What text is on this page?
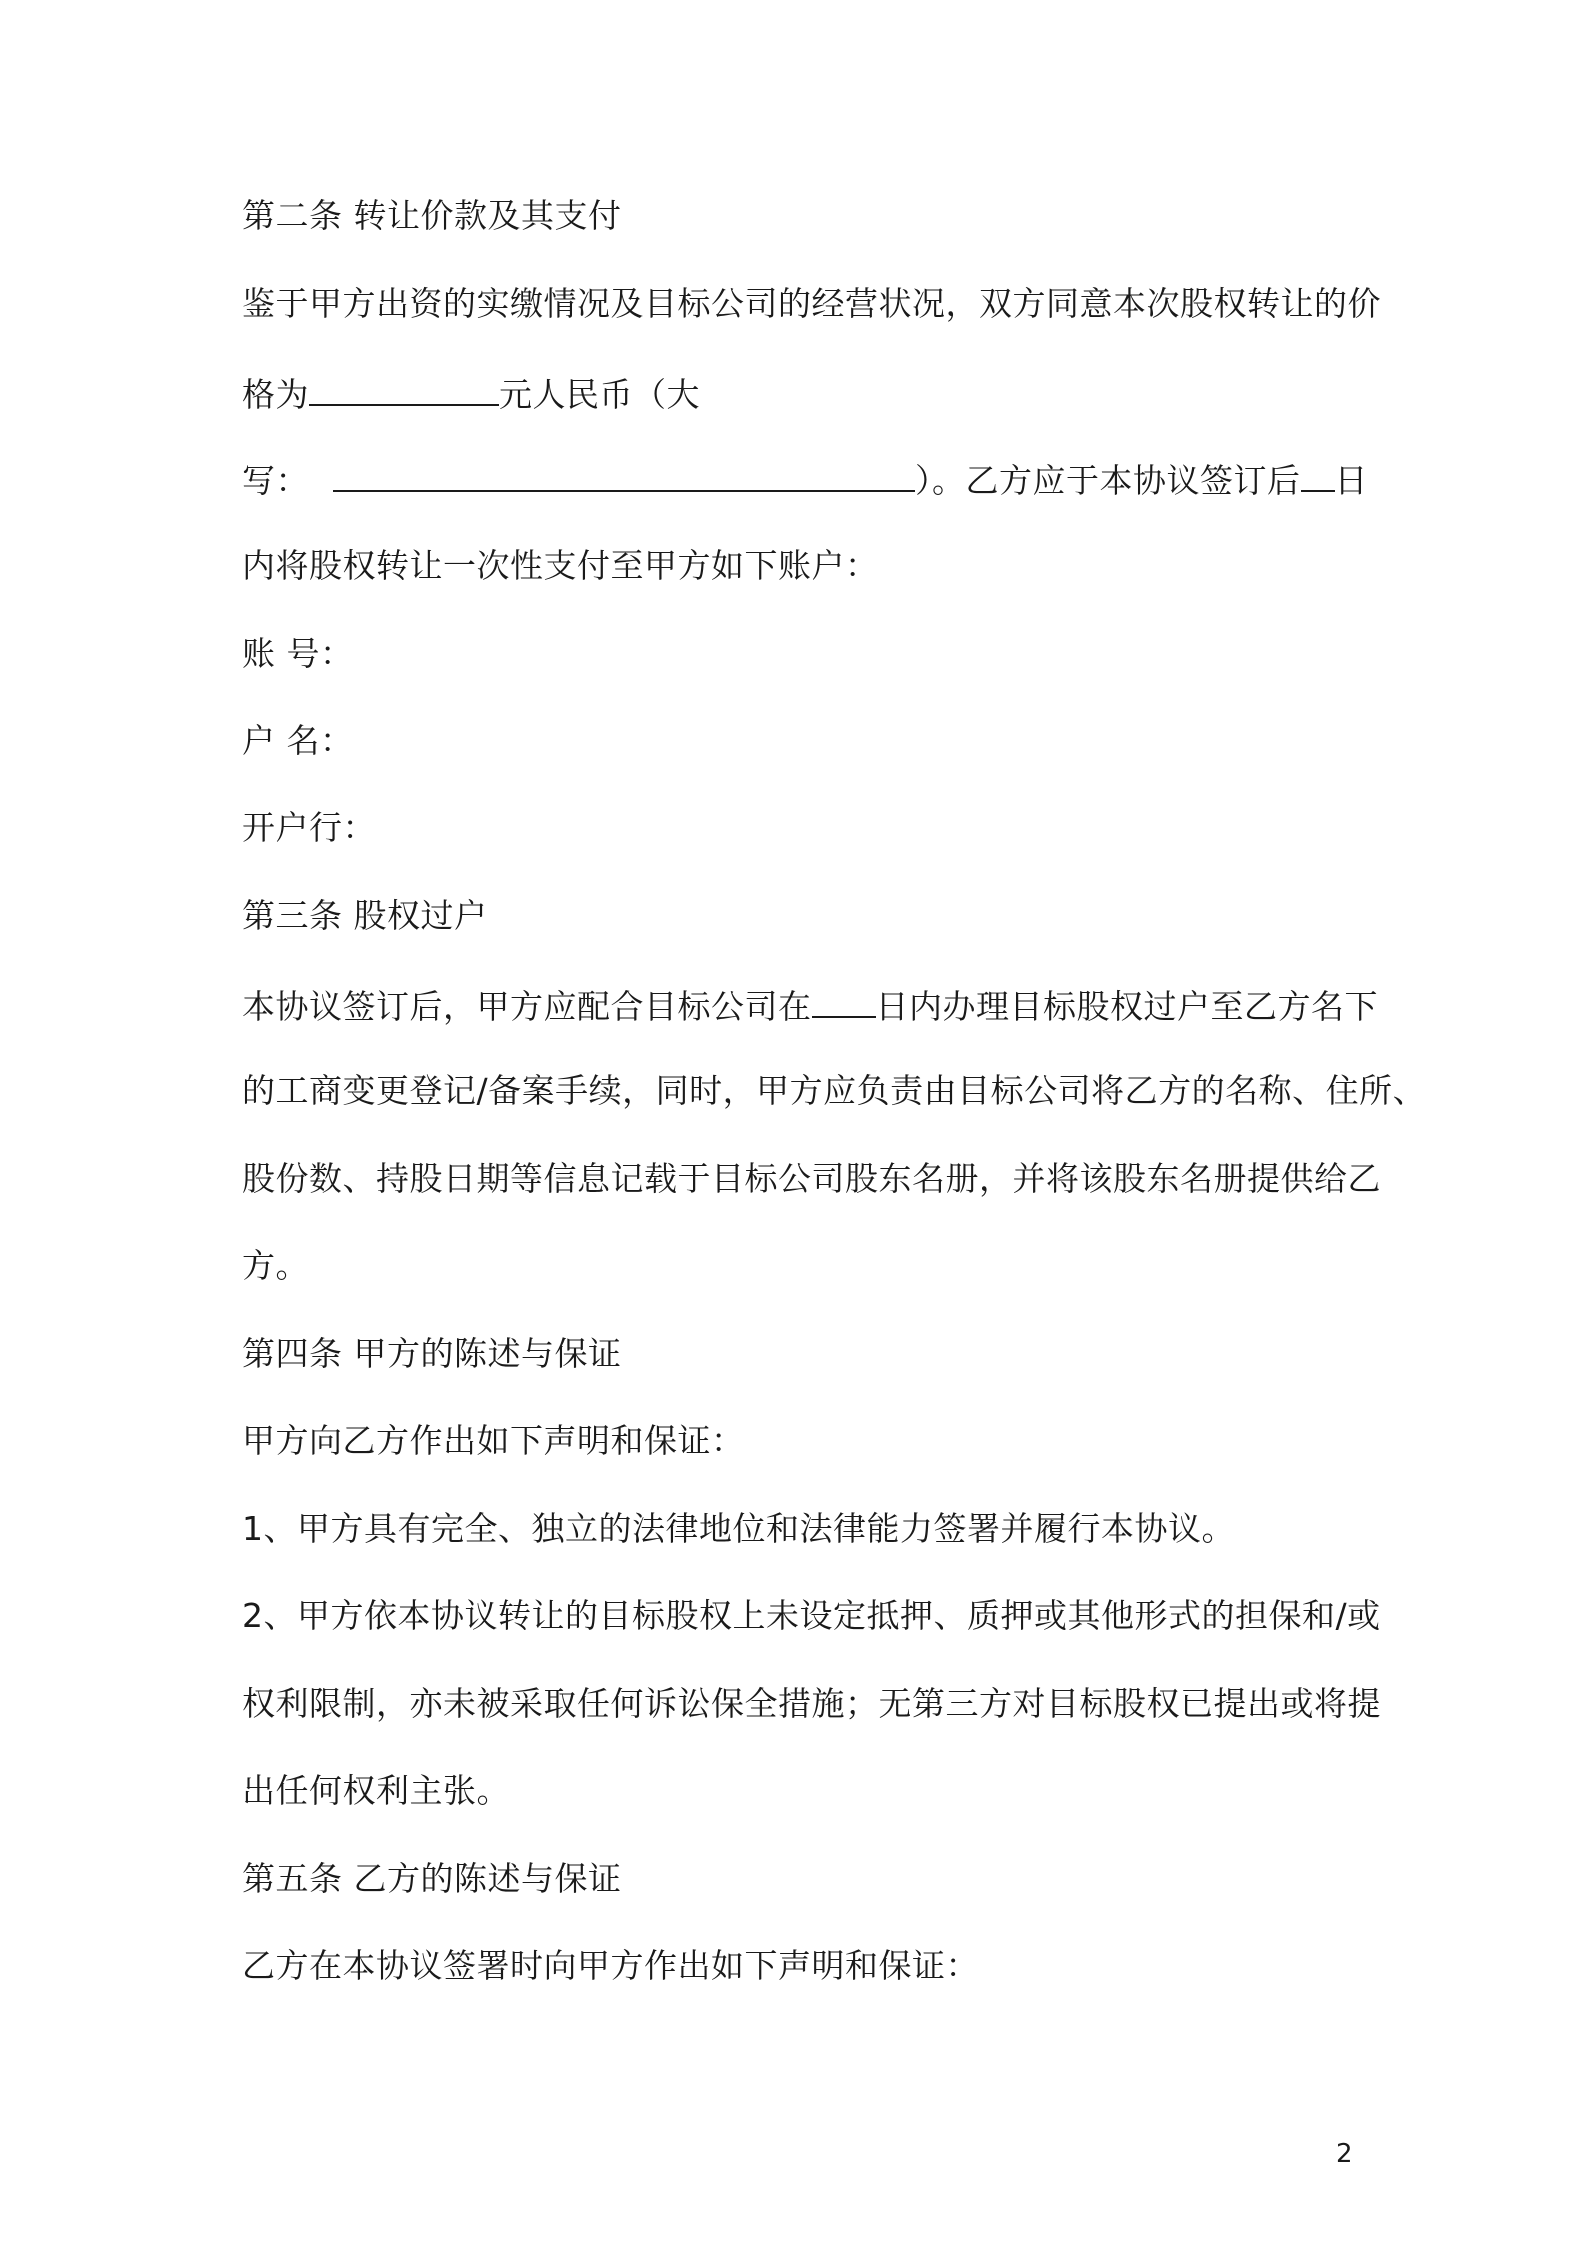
第二条 转让价款及其支付
鉴于甲方出资的实缴情况及目标公司的经营状况，双方同意本次股权转让的价
格为	元人民币（大
写：	）。乙方应于本协议签订后 日
内将股权转让一次性支付至甲方如下账户：
账 号：
户 名：
开户行：
第三条 股权过户
本协议签订后，甲方应配合目标公司在 日内办理目标股权过户至乙方名下
的工商变更登记/备案手续，同时，甲方应负责由目标公司将乙方的名称、住所、
股份数、持股日期等信息记载于目标公司股东名册，并将该股东名册提供给乙
方。
第四条 甲方的陈述与保证
甲方向乙方作出如下声明和保证：
1、甲方具有完全、独立的法律地位和法律能力签署并履行本协议。
2、甲方依本协议转让的目标股权上未设定抵押、质押或其他形式的担保和/或
权利限制，亦未被采取任何诉讼保全措施；无第三方对目标股权已提出或将提
出任何权利主张。
第五条 乙方的陈述与保证
乙方在本协议签署时向甲方作出如下声明和保证：
2
